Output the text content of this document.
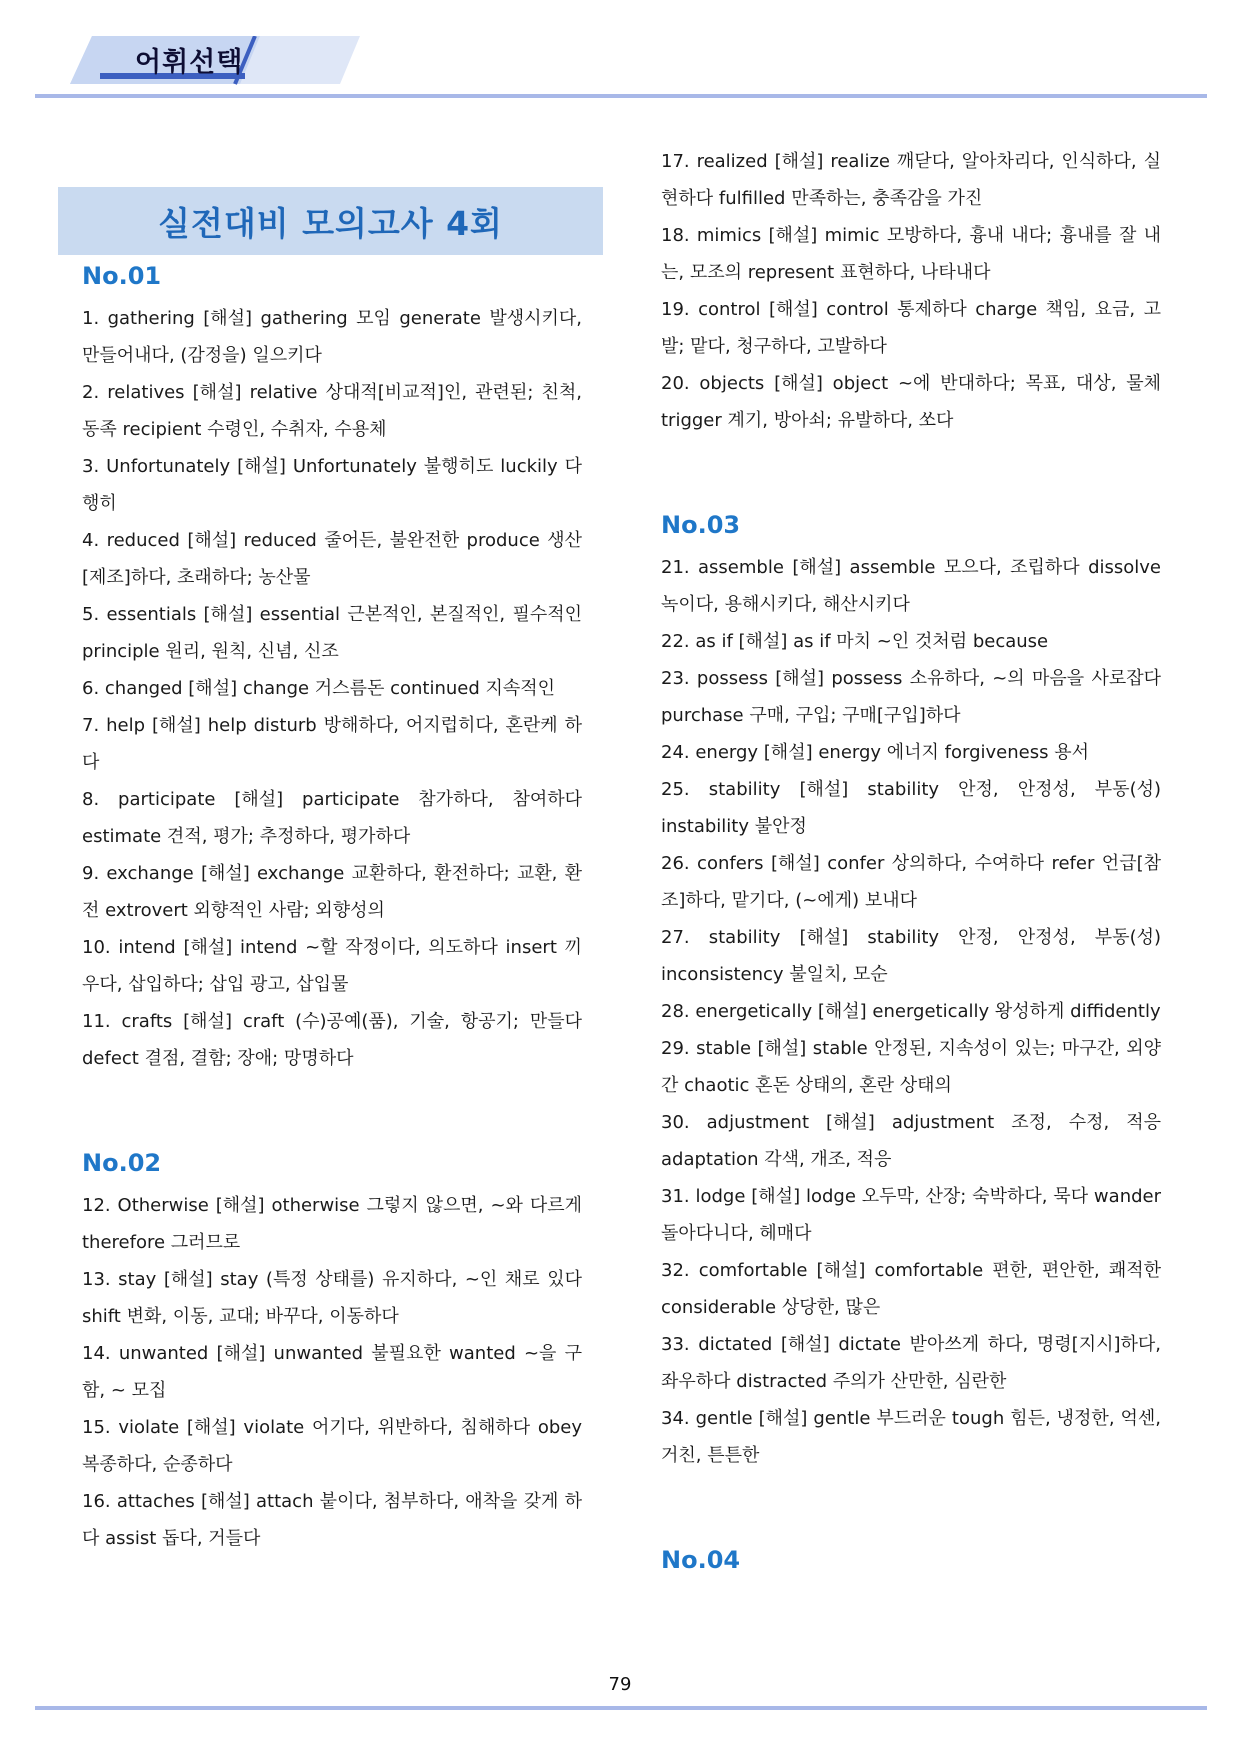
어휘선택
실전대비 모의고사 4회
No.01

1. gathering [해설] gathering 모임 generate 발생시키다, 만들어내다, (감정을) 일으키다

2. relatives [해설] relative 상대적[비교적]인, 관련된; 친척, 동족 recipient 수령인, 수취자, 수용체

3. Unfortunately [해설] Unfortunately 불행히도 luckily 다행히

4. reduced [해설] reduced 줄어든, 불완전한 produce 생산[제조]하다, 초래하다; 농산물

5. essentials [해설] essential 근본적인, 본질적인, 필수적인 principle 원리, 원칙, 신념, 신조

6. changed [해설] change 거스름돈 continued 지속적인

7. help [해설] help disturb 방해하다, 어지럽히다, 혼란케 하다

8. participate [해설] participate 참가하다, 참여하다 estimate 견적, 평가; 추정하다, 평가하다

9. exchange [해설] exchange 교환하다, 환전하다; 교환, 환전 extrovert 외향적인 사람; 외향성의

10. intend [해설] intend ~할 작정이다, 의도하다 insert 끼우다, 삽입하다; 삽입 광고, 삽입물

11. crafts [해설] craft (수)공예(품), 기술, 항공기; 만들다 defect 결점, 결함; 장애; 망명하다

No.02

12. Otherwise [해설] otherwise 그렇지 않으면, ~와 다르게 therefore 그러므로

13. stay [해설] stay (특정 상태를) 유지하다, ~인 채로 있다 shift 변화, 이동, 교대; 바꾸다, 이동하다

14. unwanted [해설] unwanted 불필요한 wanted ~을 구함, ~ 모집

15. violate [해설] violate 어기다, 위반하다, 침해하다 obey 복종하다, 순종하다

16. attaches [해설] attach 붙이다, 첨부하다, 애착을 갖게 하다 assist 돕다, 거들다

17. realized [해설] realize 깨닫다, 알아차리다, 인식하다, 실현하다 fulfilled 만족하는, 충족감을 가진

18. mimics [해설] mimic 모방하다, 흉내 내다; 흉내를 잘 내는, 모조의 represent 표현하다, 나타내다

19. control [해설] control 통제하다 charge 책임, 요금, 고발; 맡다, 청구하다, 고발하다

20. objects [해설] object ~에 반대하다; 목표, 대상, 물체 trigger 계기, 방아쇠; 유발하다, 쏘다

No.03

21. assemble [해설] assemble 모으다, 조립하다 dissolve 녹이다, 용해시키다, 해산시키다

22. as if [해설] as if 마치 ~인 것처럼 because

23. possess [해설] possess 소유하다, ~의 마음을 사로잡다 purchase 구매, 구입; 구매[구입]하다

24. energy [해설] energy 에너지 forgiveness 용서

25. stability [해설] stability 안정, 안정성, 부동(성) instability 불안정

26. confers [해설] confer 상의하다, 수여하다 refer 언급[참조]하다, 맡기다, (~에게) 보내다

27. stability [해설] stability 안정, 안정성, 부동(성) inconsistency 불일치, 모순

28. energetically [해설] energetically 왕성하게 diffidently

29. stable [해설] stable 안정된, 지속성이 있는; 마구간, 외양간 chaotic 혼돈 상태의, 혼란 상태의

30. adjustment [해설] adjustment 조정, 수정, 적응 adaptation 각색, 개조, 적응

31. lodge [해설] lodge 오두막, 산장; 숙박하다, 묵다 wander 돌아다니다, 헤매다

32. comfortable [해설] comfortable 편한, 편안한, 쾌적한 considerable 상당한, 많은

33. dictated [해설] dictate 받아쓰게 하다, 명령[지시]하다, 좌우하다 distracted 주의가 산만한, 심란한

34. gentle [해설] gentle 부드러운 tough 힘든, 냉정한, 억센, 거친, 튼튼한

No.04
79
